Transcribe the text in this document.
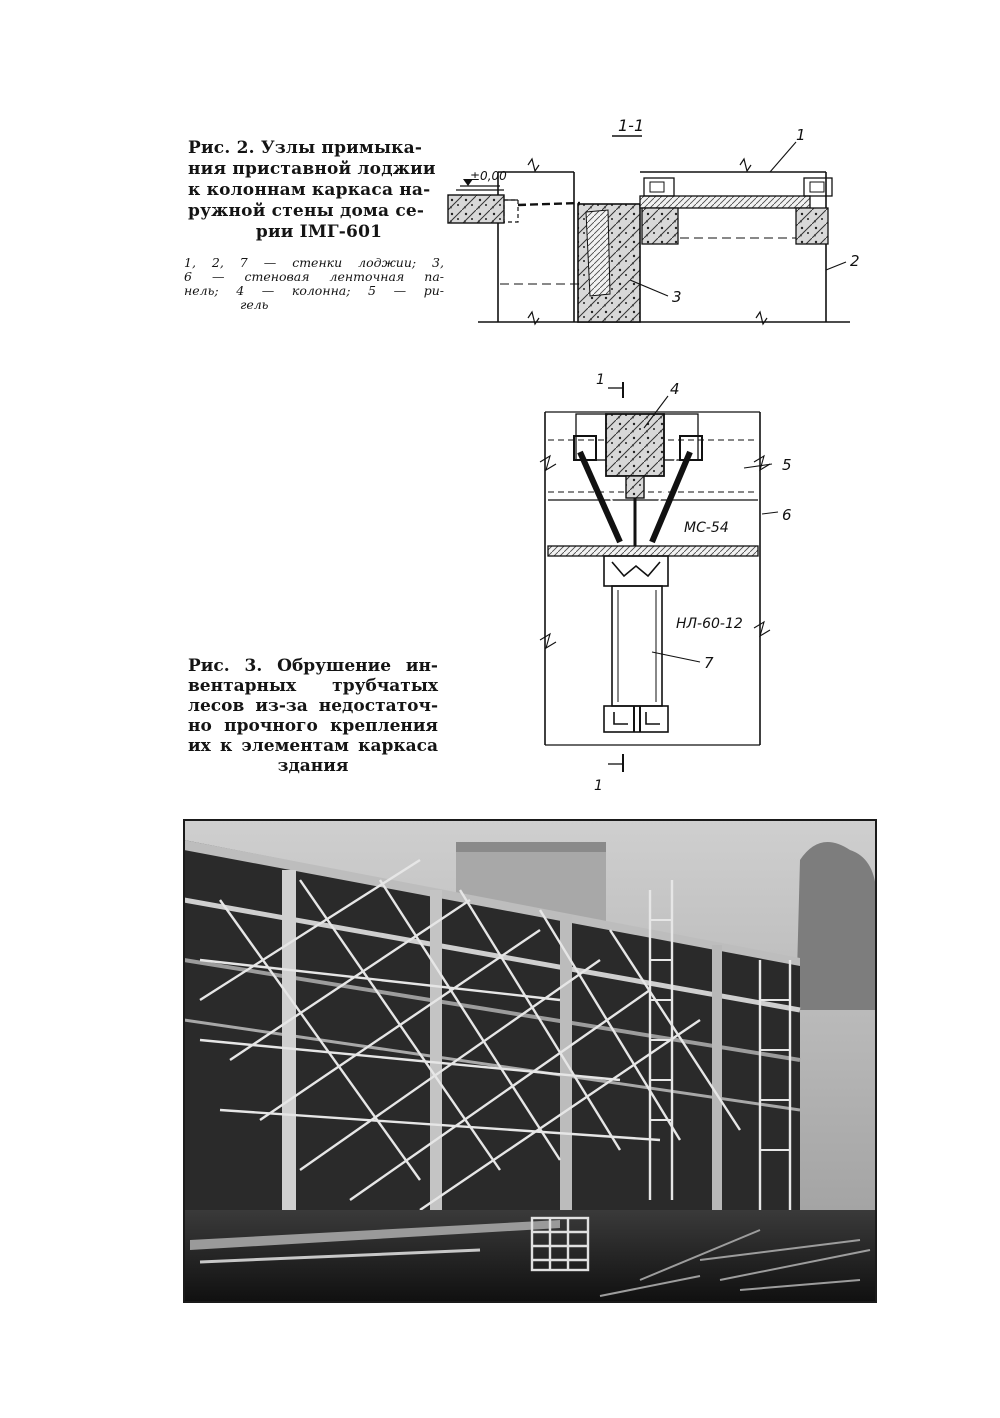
Рис. 2. Узлы примыка-
ния приставной лоджии
к колоннам каркаса на-
ружной стены дома се-
рии IМГ-601
1, 2, 7 — стенки лоджии; 3,
6 — стеновая ленточная па-
нель; 4 — колонна; 5 — ри-
гель
Рис. 3. Обрушение ин-
вентарных трубчатых
лесов из-за недостаточ-
но прочного крепления
их к элементам каркаса
здания
1-1
±0,00
1
2
3
1
1
4
5
6
МС-54
НЛ-60-12
7
